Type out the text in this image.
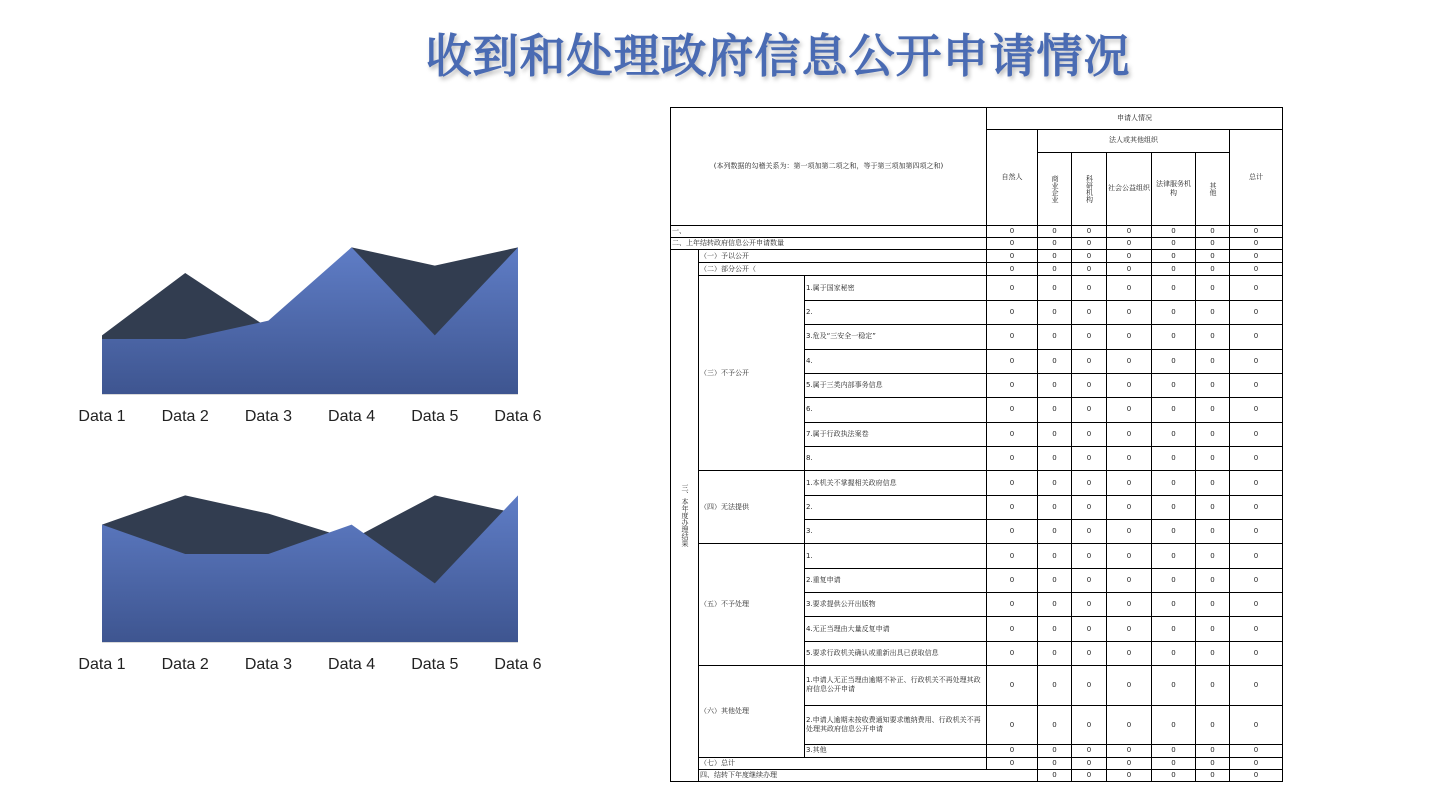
收到和处理政府信息公开申请情况
Data 1 Data 2 Data 3 Data 4 Data 5 Data 6
Data 1 Data 2 Data 3 Data 4 Data 5 Data 6
(本列数据的勾稽关系为：第一项加第二项之和，等于第三项加第四项之和)			申请人情况							
			自然人	法人或其他组织					总计	
				商业企业	科研机构	社会公益组织	法律服务机构	其他		
一、			0	0	0	0	0	0	0	
二、上年结转政府信息公开申请数量			0	0	0	0	0	0	0	
三、本年度办理结果	（一）予以公开		0	0	0	0	0	0	0	
	（二）部分公开（		0	0	0	0	0	0	0	
	（三）不予公开	1.属于国家秘密	0	0	0	0	0	0	0	
		2.	0	0	0	0	0	0	0	
		3.危及“三安全一稳定”	0	0	0	0	0	0	0	
		4.	0	0	0	0	0	0	0	
		5.属于三类内部事务信息	0	0	0	0	0	0	0	
		6.	0	0	0	0	0	0	0	
		7.属于行政执法案卷	0	0	0	0	0	0	0	
		8.	0	0	0	0	0	0	0	
	（四）无法提供	1.本机关不掌握相关政府信息	0	0	0	0	0	0	0	
		2.	0	0	0	0	0	0	0	
		3.	0	0	0	0	0	0	0	
	（五）不予处理	1.	0	0	0	0	0	0	0	
		2.重复申请	0	0	0	0	0	0	0	
		3.要求提供公开出版物	0	0	0	0	0	0	0	
		4.无正当理由大量反复申请	0	0	0	0	0	0	0	
		5.要求行政机关确认或重新出具已获取信息	0	0	0	0	0	0	0	
	（六）其他处理	1.申请人无正当理由逾期不补正、行政机关不再处理其政府信息公开申请	0	0	0	0	0	0	0	
		2.申请人逾期未按收费通知要求缴纳费用、行政机关不再处理其政府信息公开申请	0	0	0	0	0	0	0	
		3.其他	0	0	0	0	0	0	0	
	（七）总计		0	0	0	0	0	0	0	
	四、结转下年度继续办理			0	0	0	0	0	0	
